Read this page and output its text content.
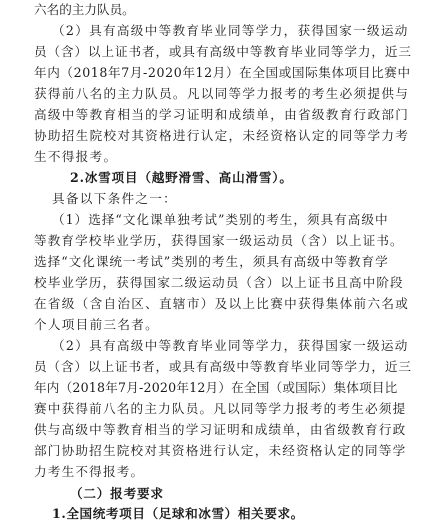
六名的主力队员。
（2）具有高级中等教育毕业同等学力，获得国家一级运动
员（含）以上证书者，或具有高级中等教育毕业同等学力，近三
年内（2018年7月-2020年12月）在全国或国际集体项目比赛中
获得前八名的主力队员。凡以同等学力报考的考生必须提供与
高级中等教育相当的学习证明和成绩单，由省级教育行政部门
协助招生院校对其资格进行认定，未经资格认定的同等学力考
生不得报考。
2.冰雪项目（越野滑雪、高山滑雪）。
具备以下条件之一：
（1）选择“文化课单独考试”类别的考生，须具有高级中
等教育学校毕业学历，获得国家一级运动员（含）以上证书。
选择“文化课统一考试”类别的考生，须具有高级中等教育学
校毕业学历，获得国家二级运动员（含）以上证书且高中阶段
在省级（含自治区、直辖市）及以上比赛中获得集体前六名或
个人项目前三名者。
（2）具有高级中等教育毕业同等学力，获得国家一级运动
员（含）以上证书者，或具有高级中等教育毕业同等学力，近三
年内（2018年7月-2020年12月）在全国（或国际）集体项目比
赛中获得前八名的主力队员。凡以同等学力报考的考生必须提
供与高级中等教育相当的学习证明和成绩单，由省级教育行政
部门协助招生院校对其资格进行认定，未经资格认定的同等学
力考生不得报考。
（二）报考要求
1.全国统考项目（足球和冰雪）相关要求。
